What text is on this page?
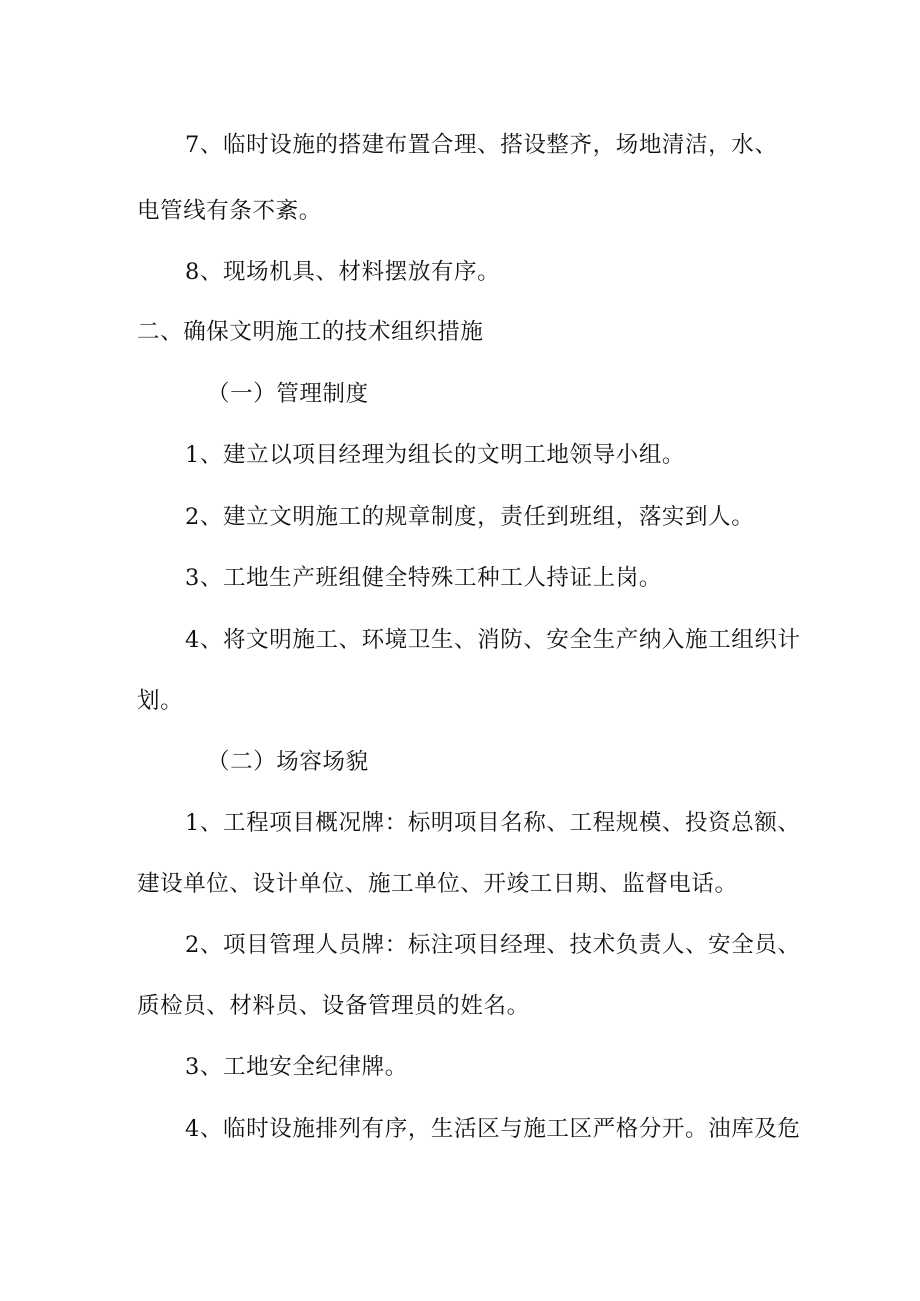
7、临时设施的搭建布置合理、搭设整齐，场地清洁，水、
电管线有条不紊。
8、现场机具、材料摆放有序。
二、确保文明施工的技术组织措施
（一）管理制度
1、建立以项目经理为组长的文明工地领导小组。
2、建立文明施工的规章制度，责任到班组，落实到人。
3、工地生产班组健全特殊工种工人持证上岗。
4、将文明施工、环境卫生、消防、安全生产纳入施工组织计
划。
（二）场容场貌
1、工程项目概况牌：标明项目名称、工程规模、投资总额、
建设单位、设计单位、施工单位、开竣工日期、监督电话。
2、项目管理人员牌：标注项目经理、技术负责人、安全员、
质检员、材料员、设备管理员的姓名。
3、工地安全纪律牌。
4、临时设施排列有序，生活区与施工区严格分开。油库及危
